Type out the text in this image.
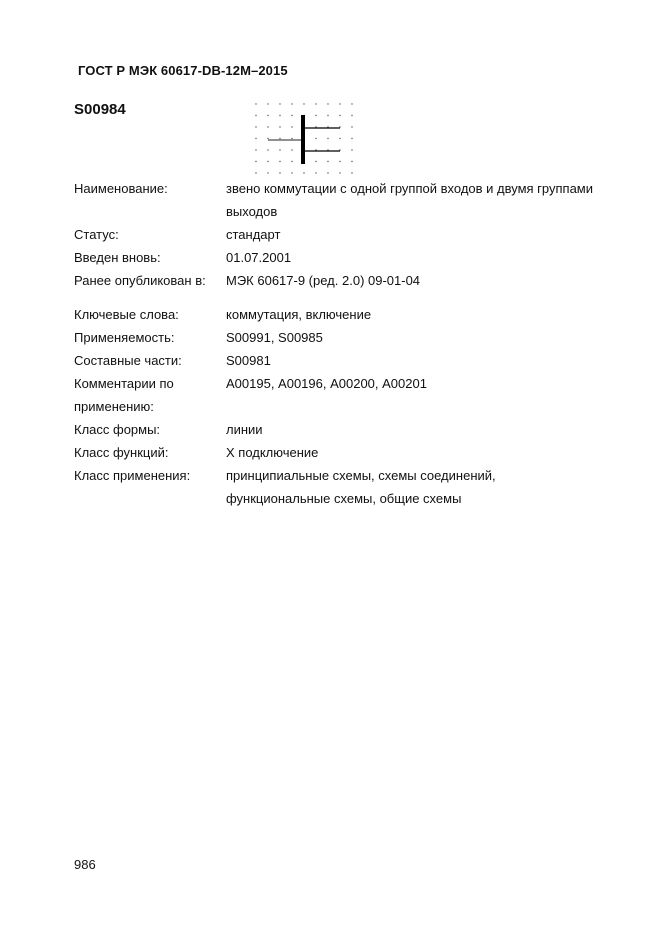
ГОСТ Р МЭК 60617-DB-12M–2015
S00984
Наименование:	звено коммутации с одной группой входов и двумя группами выходов
Статус:	стандарт
Введен вновь:	01.07.2001
Ранее опубликован в:	МЭК 60617-9 (ред. 2.0) 09-01-04
Ключевые слова:	коммутация, включение
Применяемость:	S00991, S00985
Составные части:	S00981
Комментарии по применению:
А00195, А00196, А00200, А00201
Класс формы:	линии
Класс функций:	Х подключение
Класс применения:	принципиальные схемы, схемы соединений, функциональные схемы, общие схемы
986
